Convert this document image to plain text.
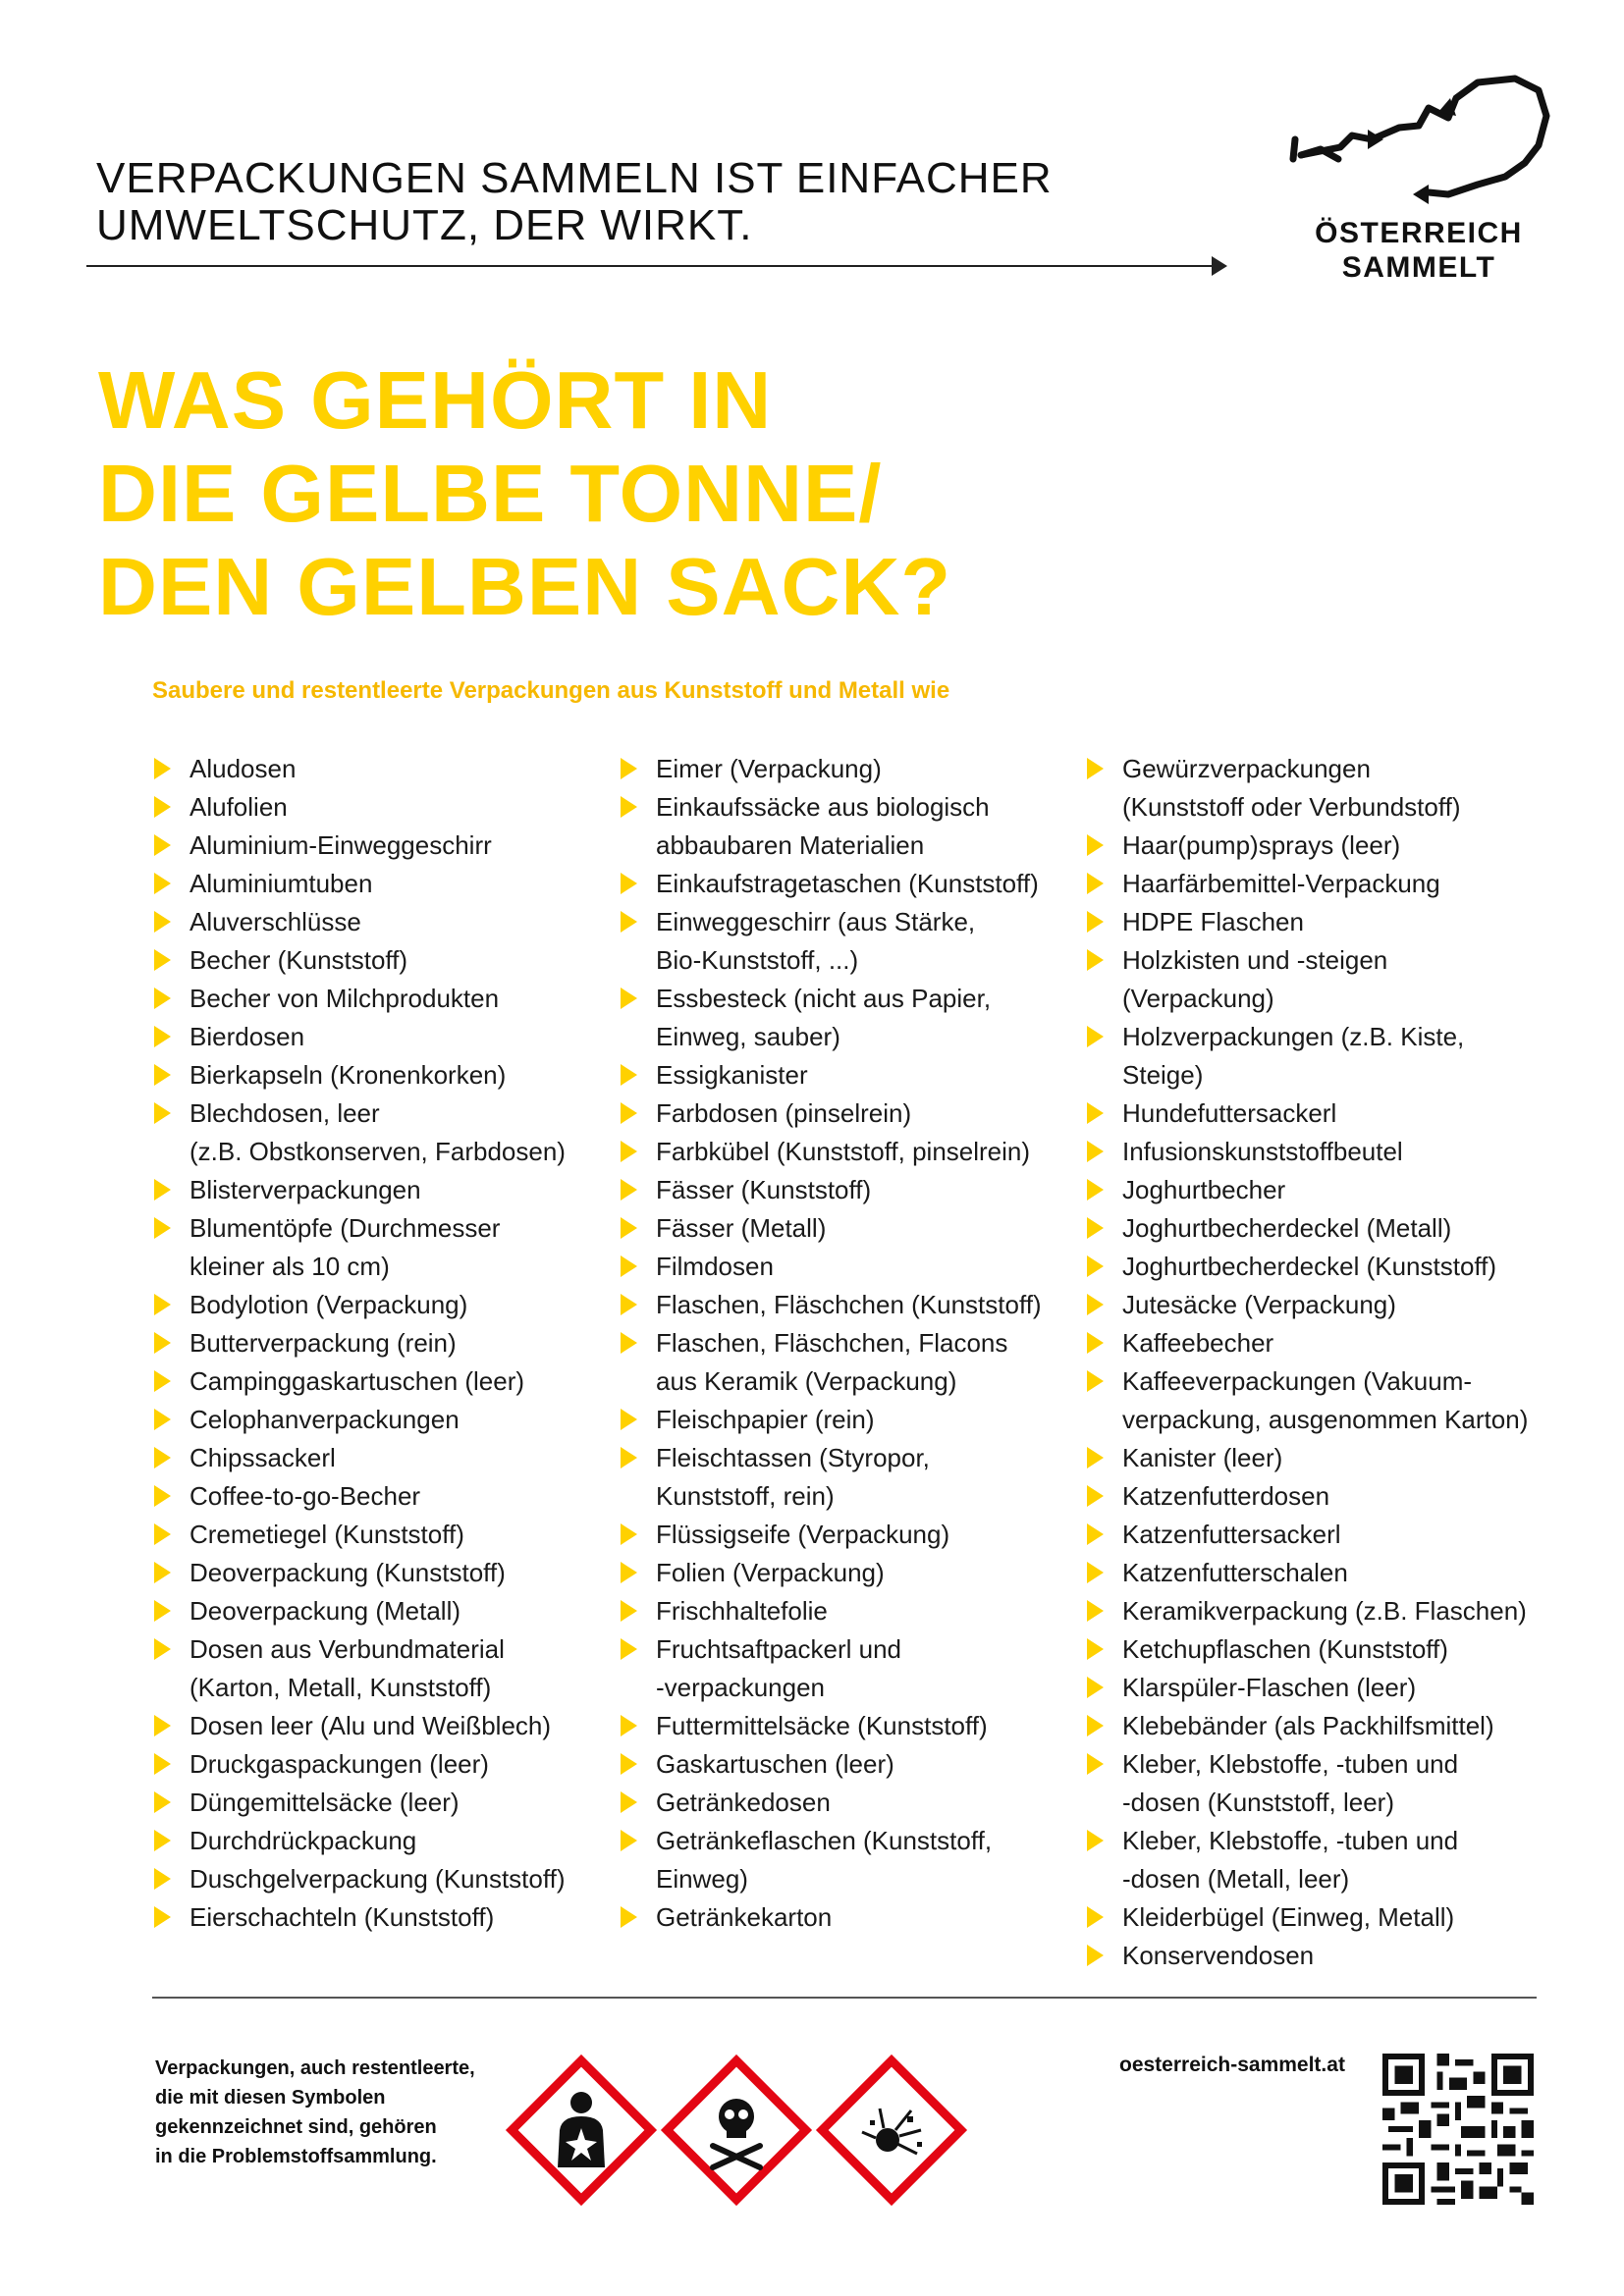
VERPACKUNGEN SAMMELN IST EINFACHER
UMWELTSCHUTZ, DER WIRKT.	ÖSTERREICH
SAMMELT
WAS GEHÖRT IN
DIE GELBE TONNE/
DEN GELBEN SACK?
Saubere und restentleerte Verpackungen aus Kunststoff und Metall wie
Aludosen
Alufolien
Aluminium-Einweggeschirr
Aluminiumtuben
Aluverschlüsse
Becher (Kunststoff)
Becher von Milchprodukten
Bierdosen
Bierkapseln (Kronenkorken)
Blechdosen, leer
(z.B. Obstkonserven, Farbdosen)
Blisterverpackungen
Blumentöpfe (Durchmesser
kleiner als 10 cm)
Bodylotion (Verpackung)
Butterverpackung (rein)
Campinggaskartuschen (leer)
Celophanverpackungen
Chipssackerl
Coffee-to-go-Becher
Cremetiegel (Kunststoff)
Deoverpackung (Kunststoff)
Deoverpackung (Metall)
Dosen aus Verbundmaterial
(Karton, Metall, Kunststoff)
Dosen leer (Alu und Weißblech)
Druckgaspackungen (leer)
Düngemittelsäcke (leer)
Durchdrückpackung
Duschgelverpackung (Kunststoff)
Eierschachteln (Kunststoff)
Eimer (Verpackung)
Einkaufssäcke aus biologisch
abbaubaren Materialien
Einkaufstragetaschen (Kunststoff)
Einweggeschirr (aus Stärke,
Bio-Kunststoff, ...)
Essbesteck (nicht aus Papier,
Einweg, sauber)
Essigkanister
Farbdosen (pinselrein)
Farbkübel (Kunststoff, pinselrein)
Fässer (Kunststoff)
Fässer (Metall)
Filmdosen
Flaschen, Fläschchen (Kunststoff)
Flaschen, Fläschchen, Flacons
aus Keramik (Verpackung)
Fleischpapier (rein)
Fleischtassen (Styropor,
Kunststoff, rein)
Flüssigseife (Verpackung)
Folien (Verpackung)
Frischhaltefolie
Fruchtsaftpackerl und
-verpackungen
Futtermittelsäcke (Kunststoff)
Gaskartuschen (leer)
Getränkedosen
Getränkeflaschen (Kunststoff,
Einweg)
Getränkekarton
Gewürzverpackungen
(Kunststoff oder Verbundstoff)
Haar(pump)sprays (leer)
Haarfärbemittel-Verpackung
HDPE Flaschen
Holzkisten und -steigen
(Verpackung)
Holzverpackungen (z.B. Kiste, Steige)
Hundefuttersackerl
Infusionskunststoffbeutel
Joghurtbecher
Joghurtbecherdeckel (Metall)
Joghurtbecherdeckel (Kunststoff)
Jutesäcke (Verpackung)
Kaffeebecher
Kaffeeverpackungen (Vakuum-
verpackung, ausgenommen Karton)
Kanister (leer)
Katzenfutterdosen
Katzenfuttersackerl
Katzenfutterschalen
Keramikverpackung (z.B. Flaschen)
Ketchupflaschen (Kunststoff)
Klarspüler-Flaschen (leer)
Klebebänder (als Packhilfsmittel)
Kleber, Klebstoffe, -tuben und
-dosen (Kunststoff, leer)
Kleber, Klebstoffe, -tuben und
-dosen (Metall, leer)
Kleiderbügel (Einweg, Metall)
Konservendosen
Verpackungen, auch restentleerte,
die mit diesen Symbolen
gekennzeichnet sind, gehören
in die Problemstoffsammlung.
oesterreich-sammelt.at
